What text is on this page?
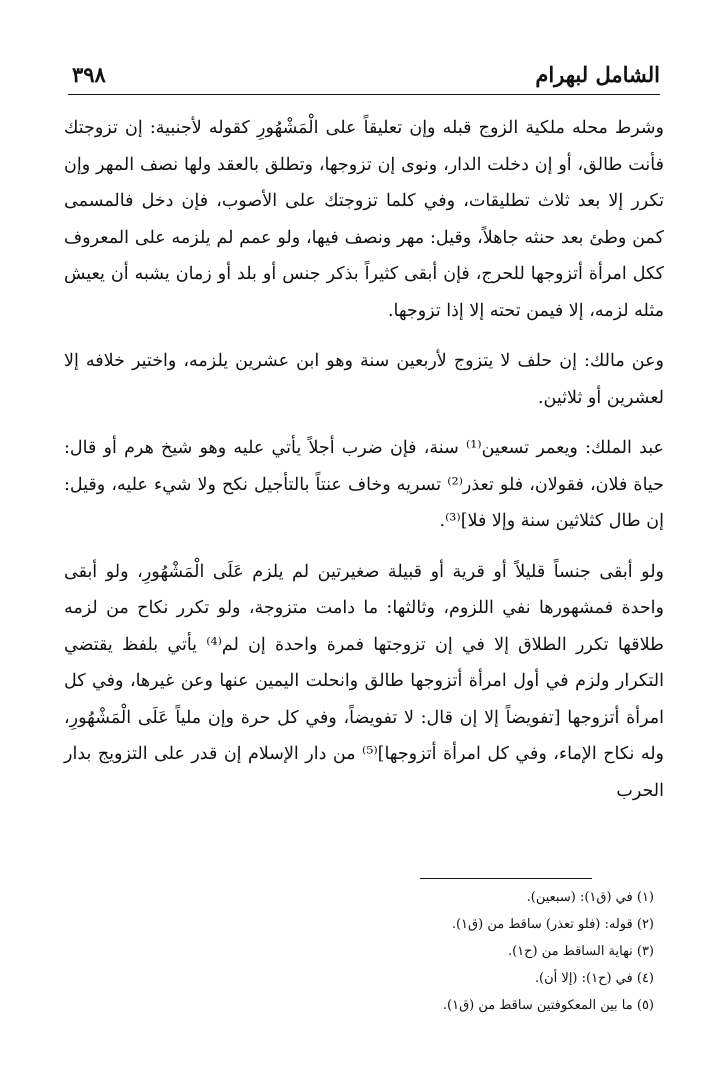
الشامل لبهرام
٣٩٨

وشرط محله ملكية الزوج قبله وإن تعليقاً على الْمَشْهُورِ كقوله لأجنبية: إن تزوجتك فأنت طالق، أو إن دخلت الدار، ونوى إن تزوجها، وتطلق بالعقد ولها نصف المهر وإن تكرر إلا بعد ثلاث تطليقات، وفي كلما تزوجتك على الأصوب، فإن دخل فالمسمى كمن وطئ بعد حنثه جاهلاً، وقيل: مهر ونصف فيها، ولو عمم لم يلزمه على المعروف ككل امرأة أتزوجها للحرج، فإن أبقى كثيراً بذكر جنس أو بلد أو زمان يشبه أن يعيش مثله لزمه، إلا فيمن تحته إلا إذا تزوجها.

وعن مالك: إن حلف لا يتزوج لأربعين سنة وهو ابن عشرين يلزمه، واختير خلافه إلا لعشرين أو ثلاثين.

عبد الملك: ويعمر تسعين⁽¹⁾ سنة، فإن ضرب أجلاً يأتي عليه وهو شيخ هرم أو قال: حياة فلان، فقولان، فلو تعذر⁽²⁾ تسريه وخاف عنتاً بالتأجيل نكح ولا شيء عليه، وقيل: إن طال كثلاثين سنة وإلا فلا]⁽³⁾.

ولو أبقى جنساً قليلاً أو قرية أو قبيلة صغيرتين لم يلزم عَلَى الْمَشْهُورِ، ولو أبقى واحدة فمشهورها نفي اللزوم، وثالثها: ما دامت متزوجة، ولو تكرر نكاح من لزمه طلاقها تكرر الطلاق إلا في إن تزوجتها فمرة واحدة إن لم⁽⁴⁾ يأتي بلفظ يقتضي التكرار ولزم في أول امرأة أتزوجها طالق وانحلت اليمين عنها وعن غيرها، وفي كل امرأة أتزوجها [تفويضاً إلا إن قال: لا تفويضاً، وفي كل حرة وإن ملياً عَلَى الْمَشْهُورِ، وله نكاح الإماء، وفي كل امرأة أتزوجها]⁽⁵⁾ من دار الإسلام إن قدر على التزويج بدار الحرب

(١) في (ق١): (سبعين).

(٢) قوله: (فلو تعذر) ساقط من (ق١).

(٣) نهاية الساقط من (ح١).

(٤) في (ح١): (إلا أن).

(٥) ما بين المعكوفتين ساقط من (ق١).
